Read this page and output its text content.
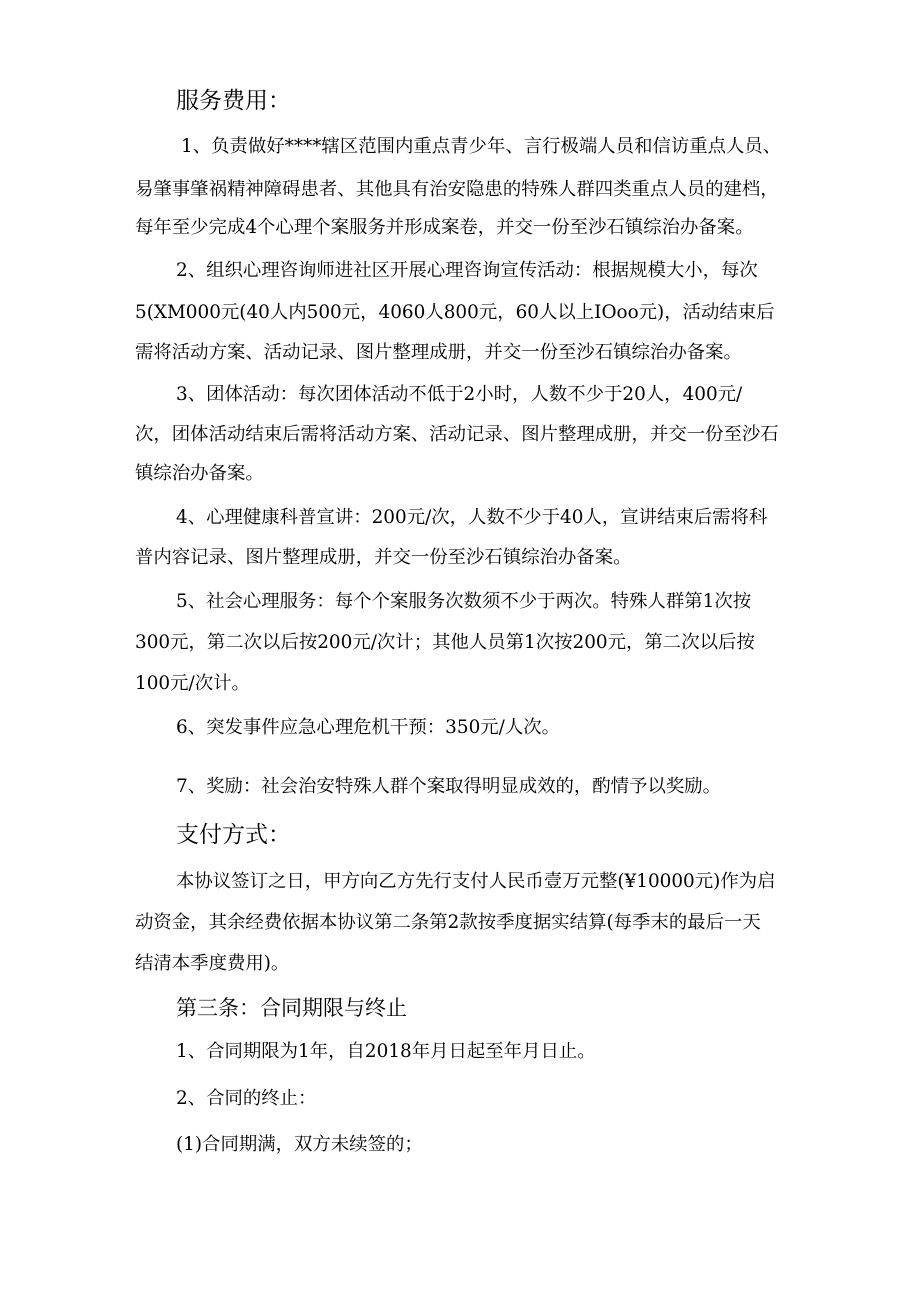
服务费用：
1、负责做好****辖区范围内重点青少年、言行极端人员和信访重点人员、
易肇事肇祸精神障碍患者、其他具有治安隐患的特殊人群四类重点人员的建档，
每年至少完成4个心理个案服务并形成案卷，并交一份至沙石镇综治办备案。
2、组织心理咨询师进社区开展心理咨询宣传活动：根据规模大小，每次
5(XM000元(40人内500元，4060人800元，60人以上IOoo元)，活动结束后
需将活动方案、活动记录、图片整理成册，并交一份至沙石镇综治办备案。
3、团体活动：每次团体活动不低于2小时，人数不少于20人，400元/
次，团体活动结束后需将活动方案、活动记录、图片整理成册，并交一份至沙石
镇综治办备案。
4、心理健康科普宣讲：200元/次，人数不少于40人，宣讲结束后需将科
普内容记录、图片整理成册，并交一份至沙石镇综治办备案。
5、社会心理服务：每个个案服务次数须不少于两次。特殊人群第1次按
300元，第二次以后按200元/次计；其他人员第1次按200元，第二次以后按
100元/次计。
6、突发事件应急心理危机干预：350元/人次。
7、奖励：社会治安特殊人群个案取得明显成效的，酌情予以奖励。
支付方式：
本协议签订之日，甲方向乙方先行支付人民币壹万元整(¥10000元)作为启
动资金，其余经费依据本协议第二条第2款按季度据实结算(每季末的最后一天
结清本季度费用)。
第三条：合同期限与终止
1、合同期限为1年，自2018年月日起至年月日止。
2、合同的终止：
(1)合同期满，双方未续签的；
